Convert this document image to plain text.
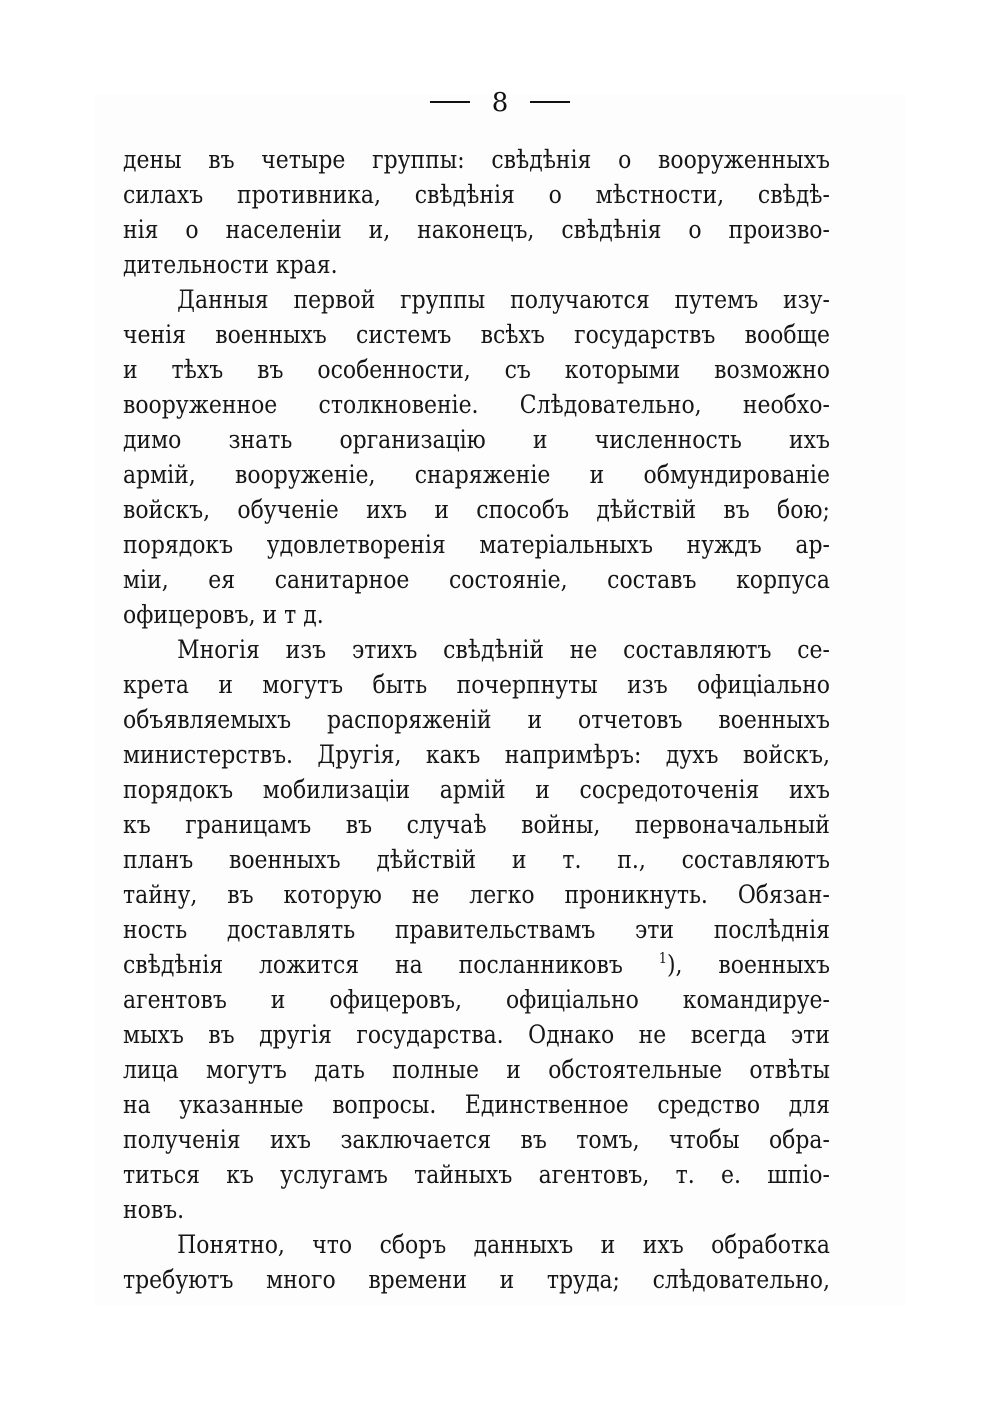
8
дены въ четыре группы: свѣдѣнія о вооруженныхъ
силахъ противника, свѣдѣнія о мѣстности, свѣдѣ-
нія о населеніи и, наконецъ, свѣдѣнія о произво-
дительности края.
Данныя первой группы получаются путемъ изу-
ченія военныхъ системъ всѣхъ государствъ вообще
и тѣхъ въ особенности, съ которыми возможно
вооруженное столкновеніе. Слѣдовательно, необхо-
димо знать организацію и численность ихъ
армій, вооруженіе, снаряженіе и обмундированіе
войскъ, обученіе ихъ и способъ дѣйствій въ бою;
порядокъ удовлетворенія матеріальныхъ нуждъ ар-
міи, ея санитарное состояніе, составъ корпуса
офицеровъ, и т д.
Многія изъ этихъ свѣдѣній не составляютъ се-
крета и могутъ быть почерпнуты изъ офиціально
объявляемыхъ распоряженій и отчетовъ военныхъ
министерствъ. Другія, какъ напримѣръ: духъ войскъ,
порядокъ мобилизаціи армій и сосредоточенія ихъ
къ границамъ въ случаѣ войны, первоначальный
планъ военныхъ дѣйствій и т. п., составляютъ
тайну, въ которую не легко проникнуть. Обязан-
ность доставлять правительствамъ эти послѣднія
свѣдѣнія ложится на посланниковъ $^1$), военныхъ
агентовъ и офицеровъ, офиціально командируе-
мыхъ въ другія государства. Однако не всегда эти
лица могутъ дать полные и обстоятельные отвѣты
на указанные вопросы. Единственное средство для
полученія ихъ заключается въ томъ, чтобы обра-
титься къ услугамъ тайныхъ агентовъ, т. е. шпіо-
новъ.
Понятно, что сборъ данныхъ и ихъ обработка
требуютъ много времени и труда; слѣдовательно,
